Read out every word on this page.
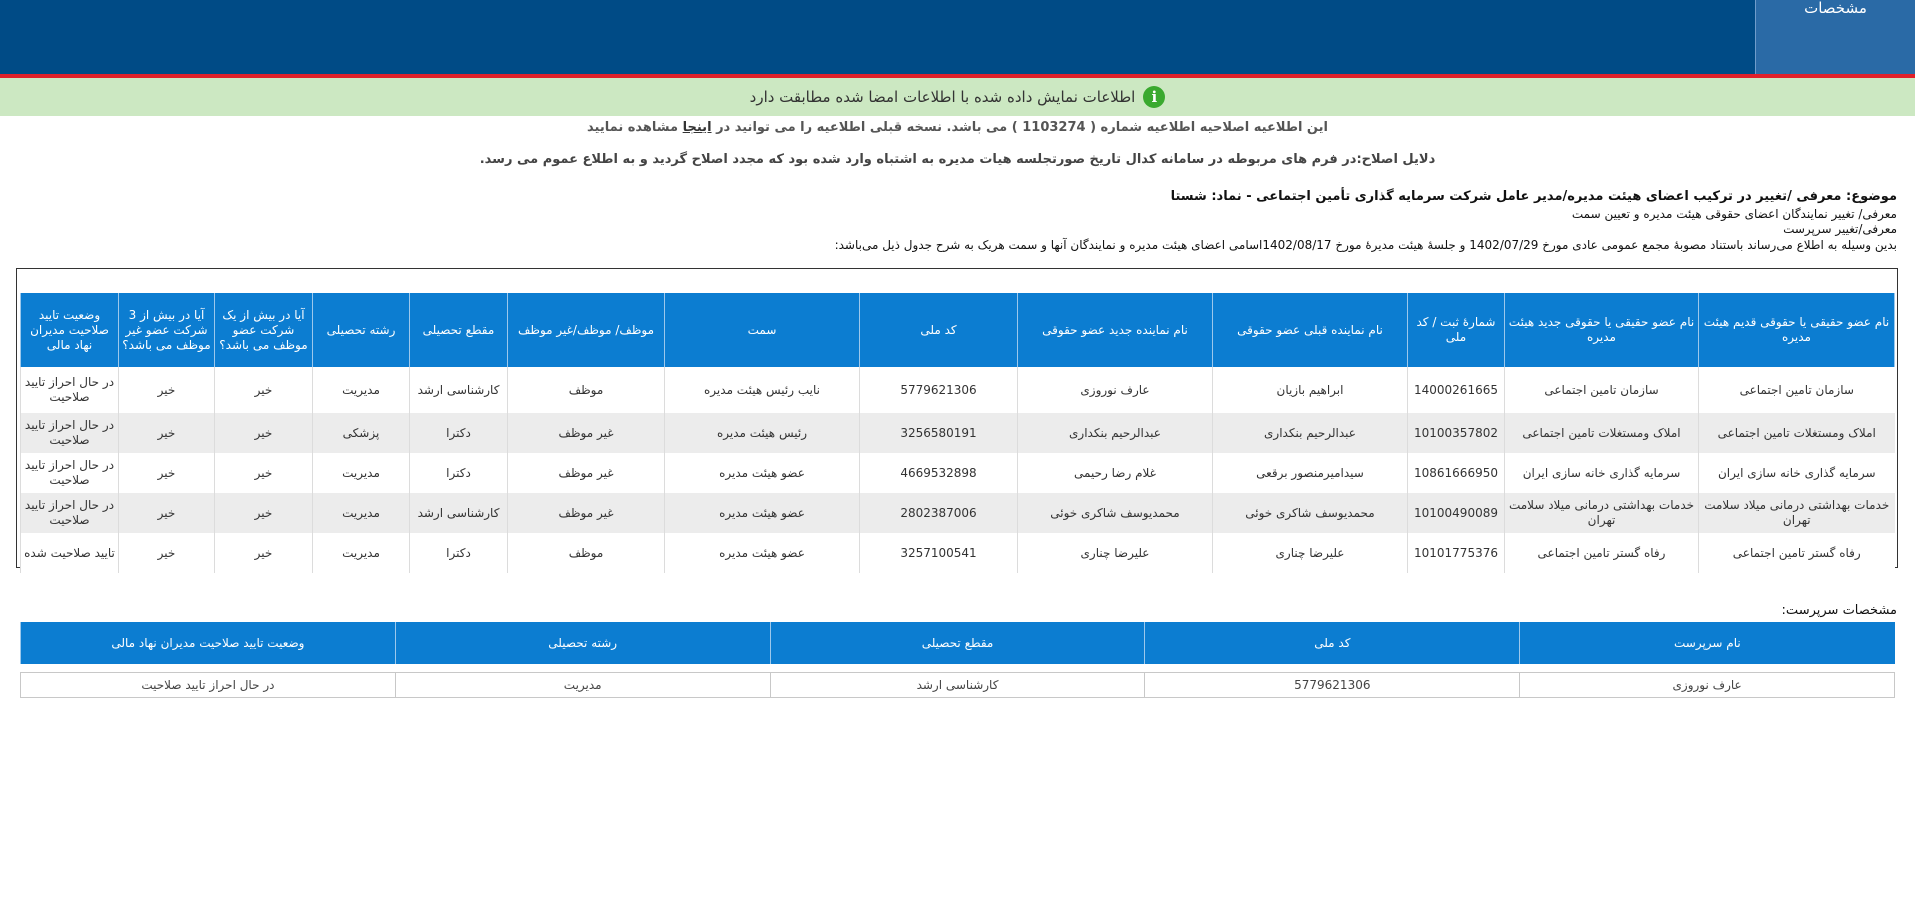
مشخصات
i
اطلاعات نمایش داده شده با اطلاعات امضا شده مطابقت دارد
این اطلاعیه اصلاحیه اطلاعیه شماره ( 1103274 ) می باشد. نسخه قبلی اطلاعیه را می توانید در اینجا مشاهده نمایید
دلایل اصلاح:در فرم های مربوطه در سامانه کدال تاریخ صورتجلسه هیات مدیره به اشتباه وارد شده بود که مجدد اصلاح گردید و به اطلاع عموم می رسد.
موضوع: معرفی /تغییر در ترکیب اعضای هیئت مدیره/مدیر عامل شرکت سرمایه گذاری تأمین اجتماعی - نماد: شستا
معرفی/ تغییر نمایندگان اعضای حقوقی هیئت مدیره و تعیین سمت
معرفی/تغییر سرپرست
بدین وسیله به اطلاع می‌رساند باستناد مصوبۀ مجمع عمومی عادی مورخ 1402/07/29 و جلسۀ هیئت مدیرۀ مورخ 1402/08/17اسامی اعضای هیئت مدیره و نمایندگان آنها و سمت هریک به شرح جدول ذیل می‌باشد:
نام عضو حقیقی یا حقوقی قدیم هیئت مدیره	نام عضو حقیقی یا حقوقی جدید هیئت مدیره	شمارۀ ثبت / کد ملی	نام نماینده قبلی عضو حقوقی	نام نماینده جدید عضو حقوقی	کد ملی	سمت	موظف/ موظف/غیر موظف	مقطع تحصیلی	رشته تحصیلی	آیا در بیش از یک شرکت عضو موظف می باشد؟	آیا در بیش از 3 شرکت عضو غیر موظف می باشد؟	وضعیت تایید صلاحیت مدیران نهاد مالی
سازمان تامین اجتماعی	سازمان تامین اجتماعی	14000261665	ابراهیم بازیان	عارف نوروزی	5779621306	نایب رئیس هیئت مدیره	موظف	کارشناسی ارشد	مدیریت	خیر	خیر	در حال احراز تایید صلاحیت
املاک ومستغلات تامین اجتماعی	املاک ومستغلات تامین اجتماعی	10100357802	عبدالرحیم بنکداری	عبدالرحیم بنکداری	3256580191	رئیس هیئت مدیره	غیر موظف	دکترا	پزشکی	خیر	خیر	در حال احراز تایید صلاحیت
سرمایه گذاری خانه سازی ایران	سرمایه گذاری خانه سازی ایران	10861666950	سیدامیرمنصور برقعی	غلام رضا رحیمی	4669532898	عضو هیئت مدیره	غیر موظف	دکترا	مدیریت	خیر	خیر	در حال احراز تایید صلاحیت
خدمات بهداشتی درمانی میلاد سلامت تهران	خدمات بهداشتی درمانی میلاد سلامت تهران	10100490089	محمدیوسف شاکری خوئی	محمدیوسف شاکری خوئی	2802387006	عضو هیئت مدیره	غیر موظف	کارشناسی ارشد	مدیریت	خیر	خیر	در حال احراز تایید صلاحیت
رفاه گستر تامین اجتماعی	رفاه گستر تامین اجتماعی	10101775376	علیرضا چناری	علیرضا چناری	3257100541	عضو هیئت مدیره	موظف	دکترا	مدیریت	خیر	خیر	تایید صلاحیت شده
مشخصات سرپرست:
نام سرپرست	کد ملی	مقطع تحصیلی	رشته تحصیلی	وضعیت تایید صلاحیت مدیران نهاد مالی

عارف نوروزی	5779621306	کارشناسی ارشد	مدیریت	در حال احراز تایید صلاحیت
